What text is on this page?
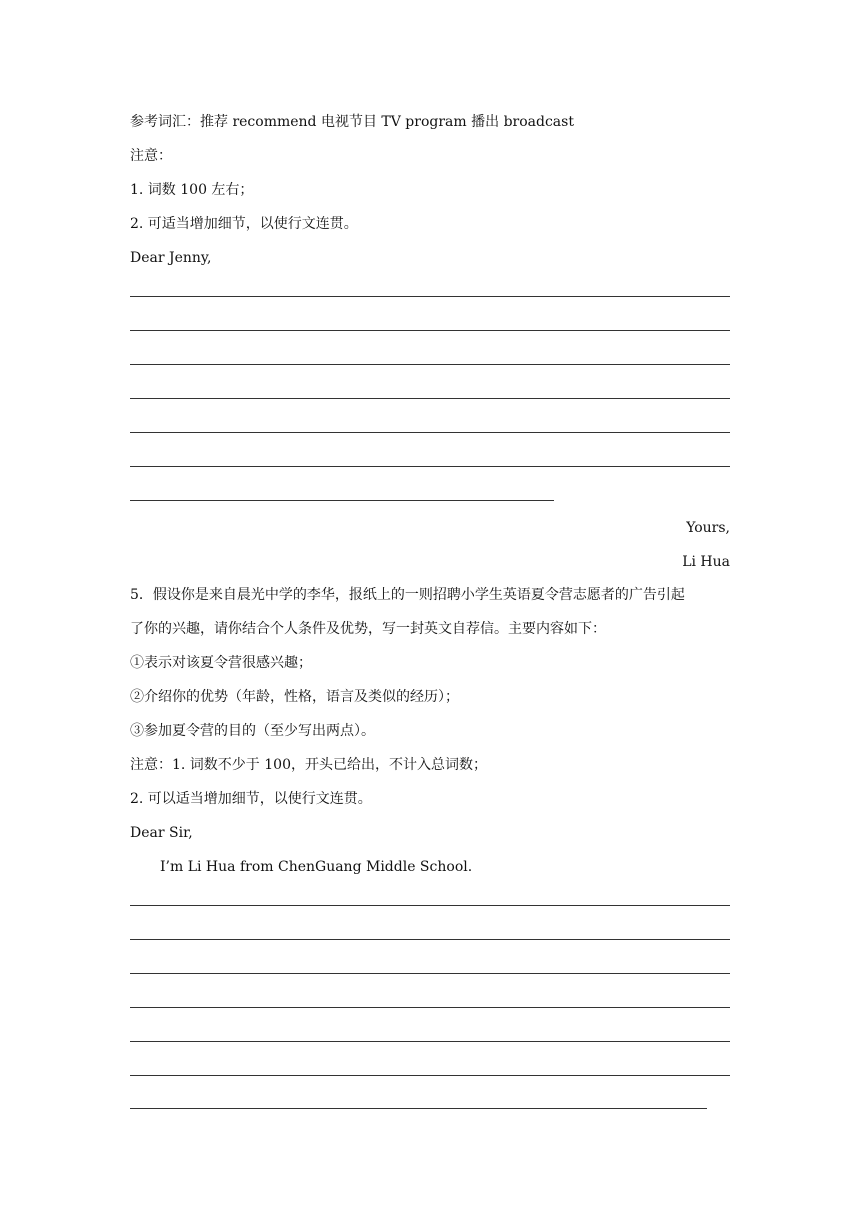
参考词汇：推荐 recommend 电视节目 TV program 播出 broadcast
注意：
1. 词数 100 左右；
2. 可适当增加细节，以使行文连贯。
Dear Jenny,
Yours,
Li Hua
5．假设你是来自晨光中学的李华，报纸上的一则招聘小学生英语夏令营志愿者的广告引起
了你的兴趣，请你结合个人条件及优势，写一封英文自荐信。主要内容如下：
①表示对该夏令营很感兴趣；
②介绍你的优势（年龄，性格，语言及类似的经历）；
③参加夏令营的目的（至少写出两点）。
注意：1. 词数不少于 100，开头已给出，不计入总词数；
2. 可以适当增加细节，以使行文连贯。
Dear Sir,
I’m Li Hua from ChenGuang Middle School.
